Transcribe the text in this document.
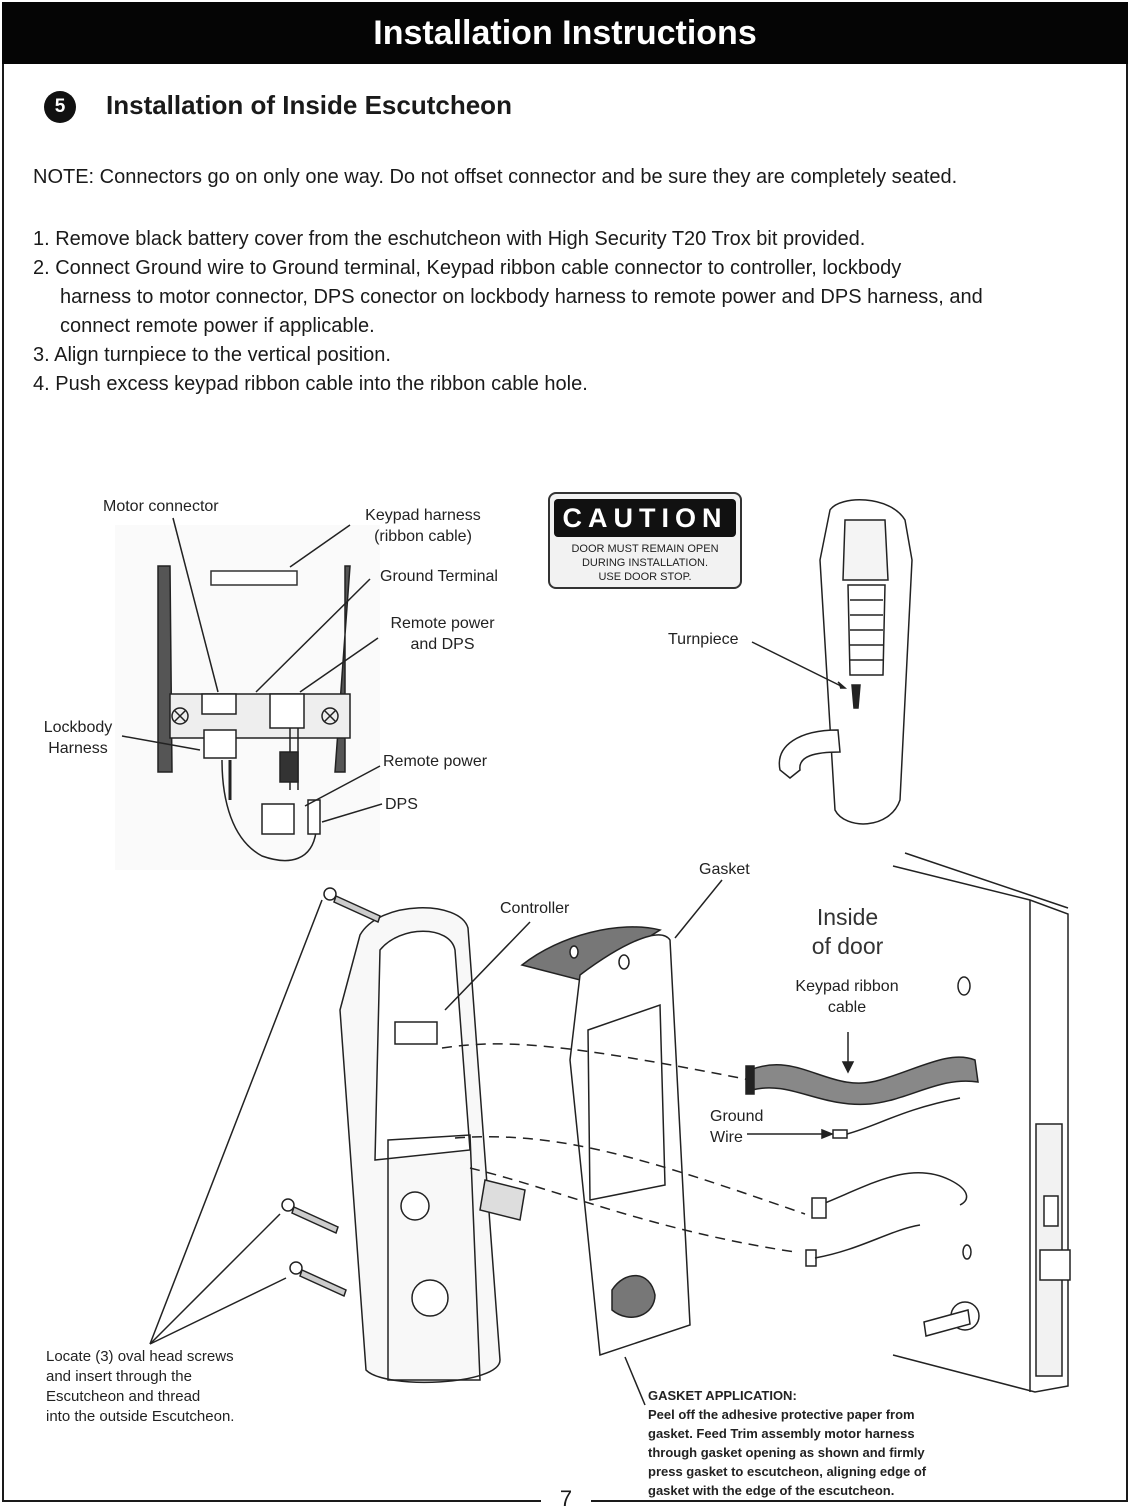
Installation Instructions
5	Installation of Inside Escutcheon
NOTE: Connectors go on only one way. Do not offset connector and be sure they are completely seated.
1. Remove black battery cover from the eschutcheon with High Security T20 Trox bit provided.
2. Connect Ground wire to Ground terminal, Keypad ribbon cable connector to controller, lockbody
harness to motor connector, DPS conector on lockbody harness to remote power and DPS harness, and
connect remote power if applicable.
3. Align turnpiece to the vertical position.
4. Push excess keypad ribbon cable into the ribbon cable hole.
Motor connector
Keypad harness
(ribbon cable)
Ground Terminal
Remote power
and DPS
Lockbody
Harness
Remote power
DPS
CAUTION
DOOR MUST REMAIN OPEN
DURING INSTALLATION.
USE DOOR STOP.
Turnpiece
Gasket
Controller	Inside
of door
Keypad ribbon
cable
Ground
Wire
Locate (3) oval head screws
and insert through the
Escutcheon and thread
into the outside Escutcheon.
GASKET APPLICATION:
Peel off the adhesive protective paper from
gasket. Feed Trim assembly motor harness
through gasket opening as shown and firmly
press gasket to escutcheon, aligning edge of
gasket with the edge of the escutcheon.
7
